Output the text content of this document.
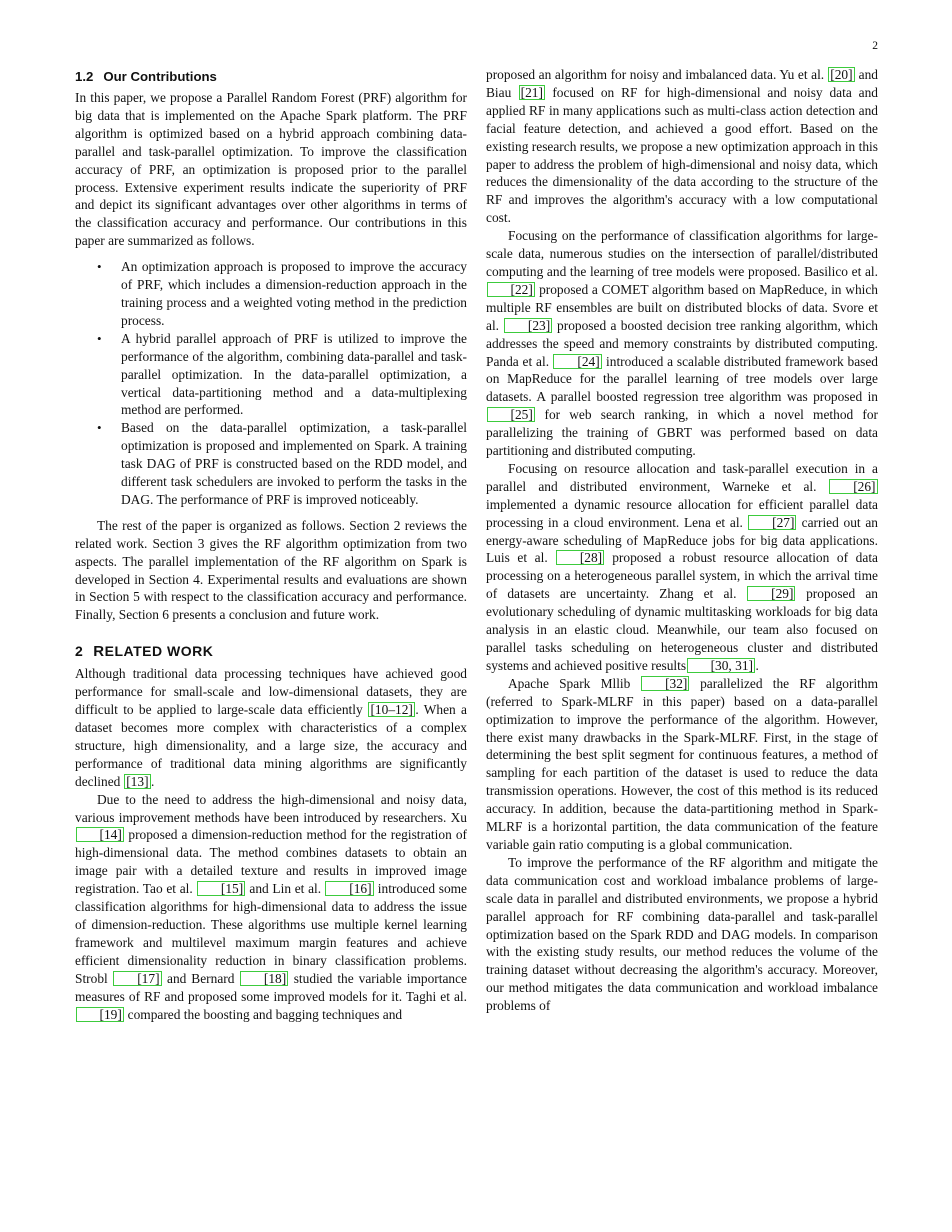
2
1.2 Our Contributions

In this paper, we propose a Parallel Random Forest (PRF) algorithm for big data that is implemented on the Apache Spark platform. The PRF algorithm is optimized based on a hybrid approach combining data-parallel and task-parallel optimization. To improve the classification accuracy of PRF, an optimization is proposed prior to the parallel process. Extensive experiment results indicate the superiority of PRF and depict its significant advantages over other algorithms in terms of the classification accuracy and performance. Our contributions in this paper are summarized as follows.

• An optimization approach is proposed to improve the accuracy of PRF, which includes a dimension-reduction approach in the training process and a weighted voting method in the prediction process.
• A hybrid parallel approach of PRF is utilized to improve the performance of the algorithm, combining data-parallel and task-parallel optimization. In the data-parallel optimization, a vertical data-partitioning method and a data-multiplexing method are performed.
• Based on the data-parallel optimization, a task-parallel optimization is proposed and implemented on Spark. A training task DAG of PRF is constructed based on the RDD model, and different task schedulers are invoked to perform the tasks in the DAG. The performance of PRF is improved noticeably.

The rest of the paper is organized as follows. Section 2 reviews the related work. Section 3 gives the RF algorithm optimization from two aspects. The parallel implementation of the RF algorithm on Spark is developed in Section 4. Experimental results and evaluations are shown in Section 5 with respect to the classification accuracy and performance. Finally, Section 6 presents a conclusion and future work.

2 RELATED WORK

Although traditional data processing techniques have achieved good performance for small-scale and low-dimensional datasets, they are difficult to be applied to large-scale data efficiently [10–12] . When a dataset becomes more complex with characteristics of a complex structure, high dimensionality, and a large size, the accuracy and performance of traditional data mining algorithms are significantly declined [13] .

Due to the need to address the high-dimensional and noisy data, various improvement methods have been introduced by researchers. Xu [14] proposed a dimension-reduction method for the registration of high-dimensional data. The method combines datasets to obtain an image pair with a detailed texture and results in improved image registration. Tao et al. [15] and Lin et al. [16] introduced some classification algorithms for high-dimensional data to address the issue of dimension-reduction. These algorithms use multiple kernel learning framework and multilevel maximum margin features and achieve efficient dimensionality reduction in binary classification problems. Strobl [17] and Bernard [18] studied the variable importance measures of RF and proposed some improved models for it. Taghi et al. [19] compared the boosting and bagging techniques and

proposed an algorithm for noisy and imbalanced data. Yu et al. [20] and Biau [21] focused on RF for high-dimensional and noisy data and applied RF in many applications such as multi-class action detection and facial feature detection, and achieved a good effort. Based on the existing research results, we propose a new optimization approach in this paper to address the problem of high-dimensional and noisy data, which reduces the dimensionality of the data according to the structure of the RF and improves the algorithm's accuracy with a low computational cost.

Focusing on the performance of classification algorithms for large-scale data, numerous studies on the intersection of parallel/distributed computing and the learning of tree models were proposed. Basilico et al. [22] proposed a COMET algorithm based on MapReduce, in which multiple RF ensembles are built on distributed blocks of data. Svore et al. [23] proposed a boosted decision tree ranking algorithm, which addresses the speed and memory constraints by distributed computing. Panda et al. [24] introduced a scalable distributed framework based on MapReduce for the parallel learning of tree models over large datasets. A parallel boosted regression tree algorithm was proposed in [25] for web search ranking, in which a novel method for parallelizing the training of GBRT was performed based on data partitioning and distributed computing.

Focusing on resource allocation and task-parallel execution in a parallel and distributed environment, Warneke et al. [26] implemented a dynamic resource allocation for efficient parallel data processing in a cloud environment. Lena et al. [27] carried out an energy-aware scheduling of MapReduce jobs for big data applications. Luis et al. [28] proposed a robust resource allocation of data processing on a heterogeneous parallel system, in which the arrival time of datasets are uncertainty. Zhang et al. [29] proposed an evolutionary scheduling of dynamic multitasking workloads for big data analysis in an elastic cloud. Meanwhile, our team also focused on parallel tasks scheduling on heterogeneous cluster and distributed systems and achieved positive results [30, 31] .

Apache Spark Mllib [32] parallelized the RF algorithm (referred to Spark-MLRF in this paper) based on a data-parallel optimization to improve the performance of the algorithm. However, there exist many drawbacks in the Spark-MLRF. First, in the stage of determining the best split segment for continuous features, a method of sampling for each partition of the dataset is used to reduce the data transmission operations. However, the cost of this method is its reduced accuracy. In addition, because the data-partitioning method in Spark-MLRF is a horizontal partition, the data communication of the feature variable gain ratio computing is a global communication.

To improve the performance of the RF algorithm and mitigate the data communication cost and workload imbalance problems of large-scale data in parallel and distributed environments, we propose a hybrid parallel approach for RF combining data-parallel and task-parallel optimization based on the Spark RDD and DAG models. In comparison with the existing study results, our method reduces the volume of the training dataset without decreasing the algorithm's accuracy. Moreover, our method mitigates the data communication and workload imbalance problems of
